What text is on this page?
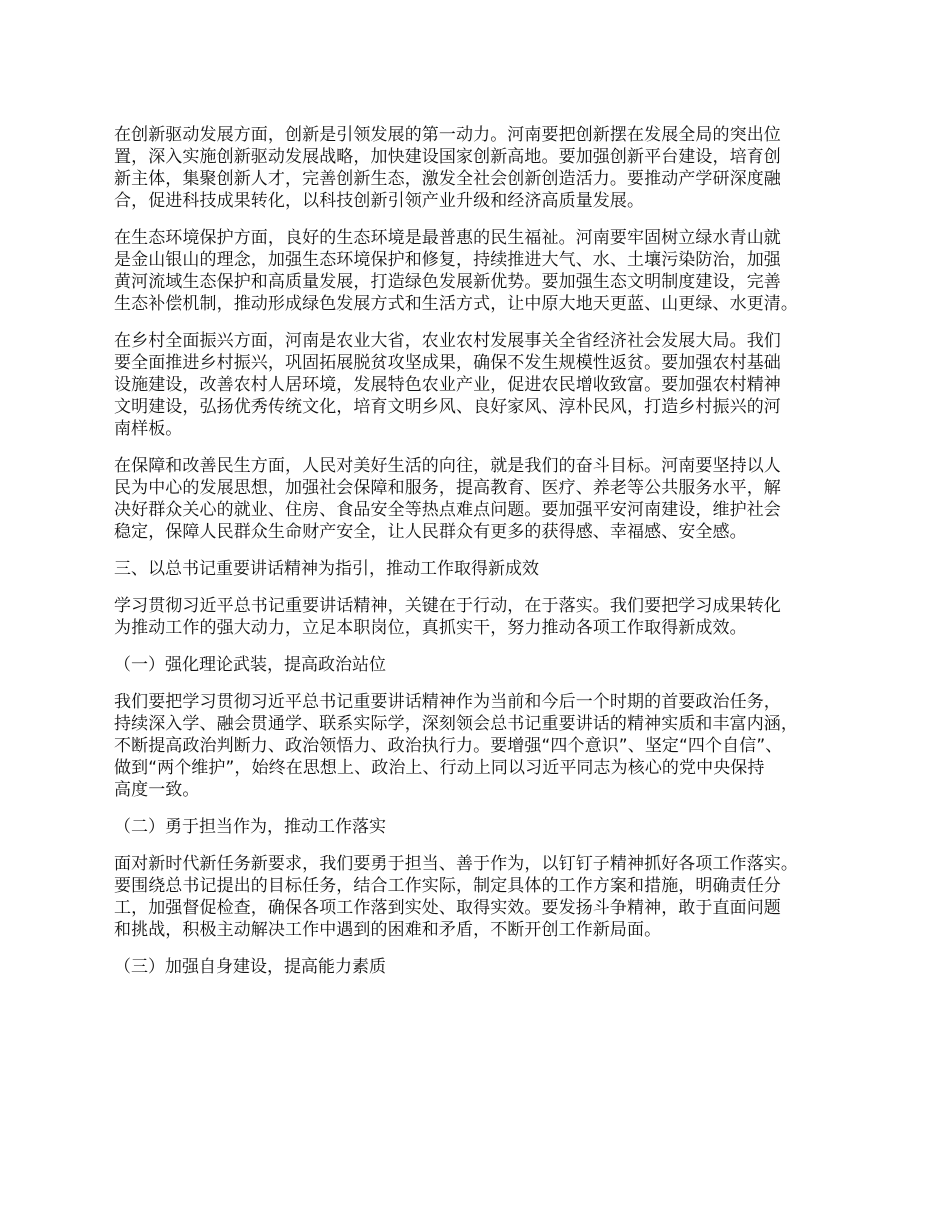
在创新驱动发展方面，创新是引领发展的第一动力。河南要把创新摆在发展全局的突出位
置，深入实施创新驱动发展战略，加快建设国家创新高地。要加强创新平台建设，培育创
新主体，集聚创新人才，完善创新生态，激发全社会创新创造活力。要推动产学研深度融
合，促进科技成果转化，以科技创新引领产业升级和经济高质量发展。

在生态环境保护方面，良好的生态环境是最普惠的民生福祉。河南要牢固树立绿水青山就
是金山银山的理念，加强生态环境保护和修复，持续推进大气、水、土壤污染防治，加强
黄河流域生态保护和高质量发展，打造绿色发展新优势。要加强生态文明制度建设，完善
生态补偿机制，推动形成绿色发展方式和生活方式，让中原大地天更蓝、山更绿、水更清。

在乡村全面振兴方面，河南是农业大省，农业农村发展事关全省经济社会发展大局。我们
要全面推进乡村振兴，巩固拓展脱贫攻坚成果，确保不发生规模性返贫。要加强农村基础
设施建设，改善农村人居环境，发展特色农业产业，促进农民增收致富。要加强农村精神
文明建设，弘扬优秀传统文化，培育文明乡风、良好家风、淳朴民风，打造乡村振兴的河
南样板。

在保障和改善民生方面，人民对美好生活的向往，就是我们的奋斗目标。河南要坚持以人
民为中心的发展思想，加强社会保障和服务，提高教育、医疗、养老等公共服务水平，解
决好群众关心的就业、住房、食品安全等热点难点问题。要加强平安河南建设，维护社会
稳定，保障人民群众生命财产安全，让人民群众有更多的获得感、幸福感、安全感。

三、以总书记重要讲话精神为指引，推动工作取得新成效

学习贯彻习近平总书记重要讲话精神，关键在于行动，在于落实。我们要把学习成果转化
为推动工作的强大动力，立足本职岗位，真抓实干，努力推动各项工作取得新成效。

（一）强化理论武装，提高政治站位

我们要把学习贯彻习近平总书记重要讲话精神作为当前和今后一个时期的首要政治任务，
持续深入学、融会贯通学、联系实际学，深刻领会总书记重要讲话的精神实质和丰富内涵，
不断提高政治判断力、政治领悟力、政治执行力。要增强“四个意识”、坚定“四个自信”、
做到“两个维护”，始终在思想上、政治上、行动上同以习近平同志为核心的党中央保持
高度一致。

（二）勇于担当作为，推动工作落实

面对新时代新任务新要求，我们要勇于担当、善于作为，以钉钉子精神抓好各项工作落实。
要围绕总书记提出的目标任务，结合工作实际，制定具体的工作方案和措施，明确责任分
工，加强督促检查，确保各项工作落到实处、取得实效。要发扬斗争精神，敢于直面问题
和挑战，积极主动解决工作中遇到的困难和矛盾，不断开创工作新局面。

（三）加强自身建设，提高能力素质
